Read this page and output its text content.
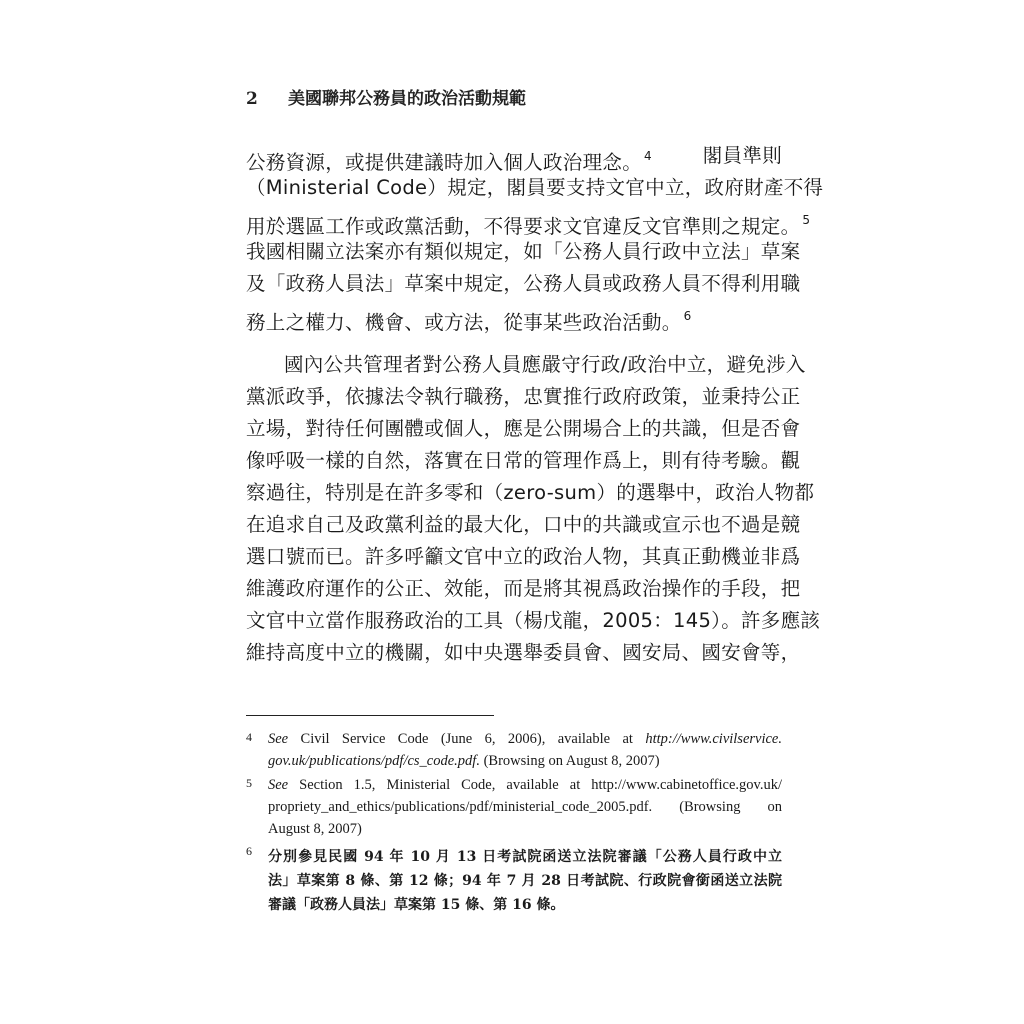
2 美國聯邦公務員的政治活動規範
公務資源，或提供建議時加入個人政治理念。 $^4$	閣員準則
（Ministerial Code）規定，閣員要支持文官中立，政府財產不得
用於選區工作或政黨活動，不得要求文官違反文官準則之規定。 $^5$
我國相關立法案亦有類似規定，如「公務人員行政中立法」草案
及「政務人員法」草案中規定，公務人員或政務人員不得利用職
務上之權力、機會、或方法，從事某些政治活動。 $^6$
國內公共管理者對公務人員應嚴守行政/政治中立，避免涉入
黨派政爭，依據法令執行職務，忠實推行政府政策，並秉持公正
立場，對待任何團體或個人，應是公開場合上的共識，但是否會
像呼吸一樣的自然，落實在日常的管理作爲上，則有待考驗。觀
察過往，特別是在許多零和（zero-sum）的選舉中，政治人物都
在追求自己及政黨利益的最大化，口中的共識或宣示也不過是競
選口號而已。許多呼籲文官中立的政治人物，其真正動機並非爲
維護政府運作的公正、效能，而是將其視爲政治操作的手段，把
文官中立當作服務政治的工具（楊戊龍，2005：145）。許多應該
維持高度中立的機關，如中央選舉委員會、國安局、國安會等，
4 See Civil Service Code (June 6, 2006), available at http://www.civilservice.
gov.uk/publications/pdf/cs_code.pdf. (Browsing on August 8, 2007)
5 See Section 1.5, Ministerial Code, available at http://www.cabinetoffice.gov.uk/
propriety_and_ethics/publications/pdf/ministerial_code_2005.pdf. (Browsing on
August 8, 2007)
6 分別參見民國 94 年 10 月 13 日考試院函送立法院審議「公務人員行政中立
法」草案第 8 條、第 12 條；94 年 7 月 28 日考試院、行政院會銜函送立法院
審議「政務人員法」草案第 15 條、第 16 條。
